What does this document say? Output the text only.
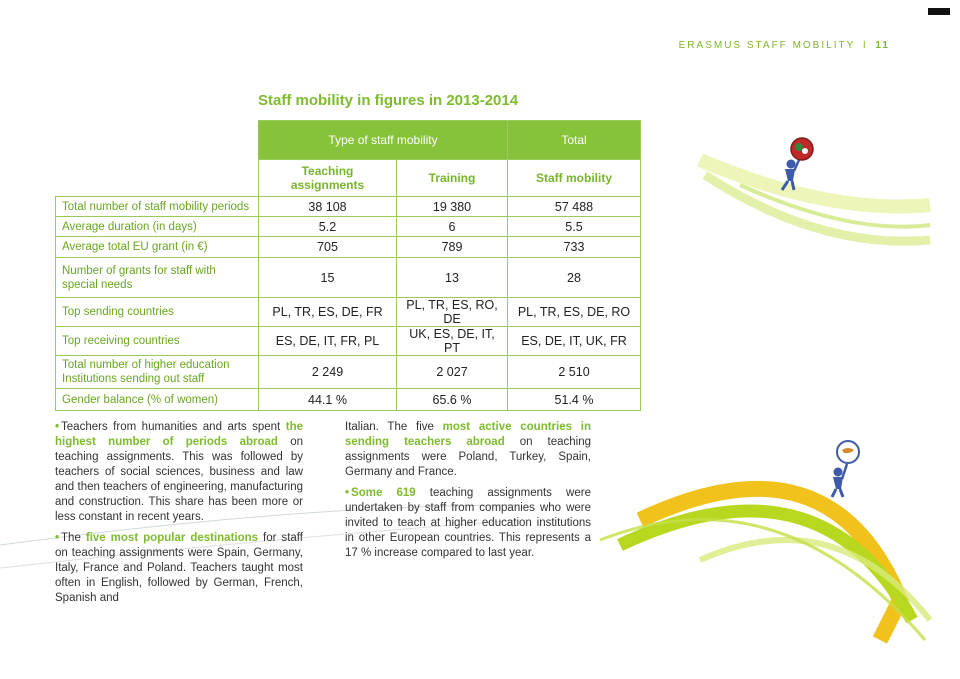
ERASMUS STAFF MOBILITY I 11
Staff mobility in figures in 2013-2014
	Type of staff mobility		Total
	Teaching assignments	Training	Staff mobility
Total number of staff mobility periods	38 108	19 380	57 488
Average duration (in days)	5.2	6	5.5
Average total EU grant (in €)	705	789	733
Number of grants for staff with special needs	15	13	28
Top sending countries	PL, TR, ES, DE, FR	PL, TR, ES, RO, DE	PL, TR, ES, DE, RO
Top receiving countries	ES, DE, IT, FR, PL	UK, ES, DE, IT, PT	ES, DE, IT, UK, FR
Total number of higher education Institutions sending out staff	2 249	2 027	2 510
Gender balance (% of women)	44.1 %	65.6 %	51.4 %

• Teachers from humanities and arts spent the highest number of periods abroad on teaching assignments. This was followed by teachers of social sciences, business and law and then teachers of engineering, manufacturing and construction. This share has been more or less constant in recent years.

• The five most popular destinations for staff on teaching assignments were Spain, Germany, Italy, France and Poland. Teachers taught most often in English, followed by German, French, Spanish and

Italian. The five most active countries in sending teachers abroad on teaching assignments were Poland, Turkey, Spain, Germany and France.

• Some 619 teaching assignments were undertaken by staff from companies who were invited to teach at higher education institutions in other European countries. This represents a 17 % increase compared to last year.
